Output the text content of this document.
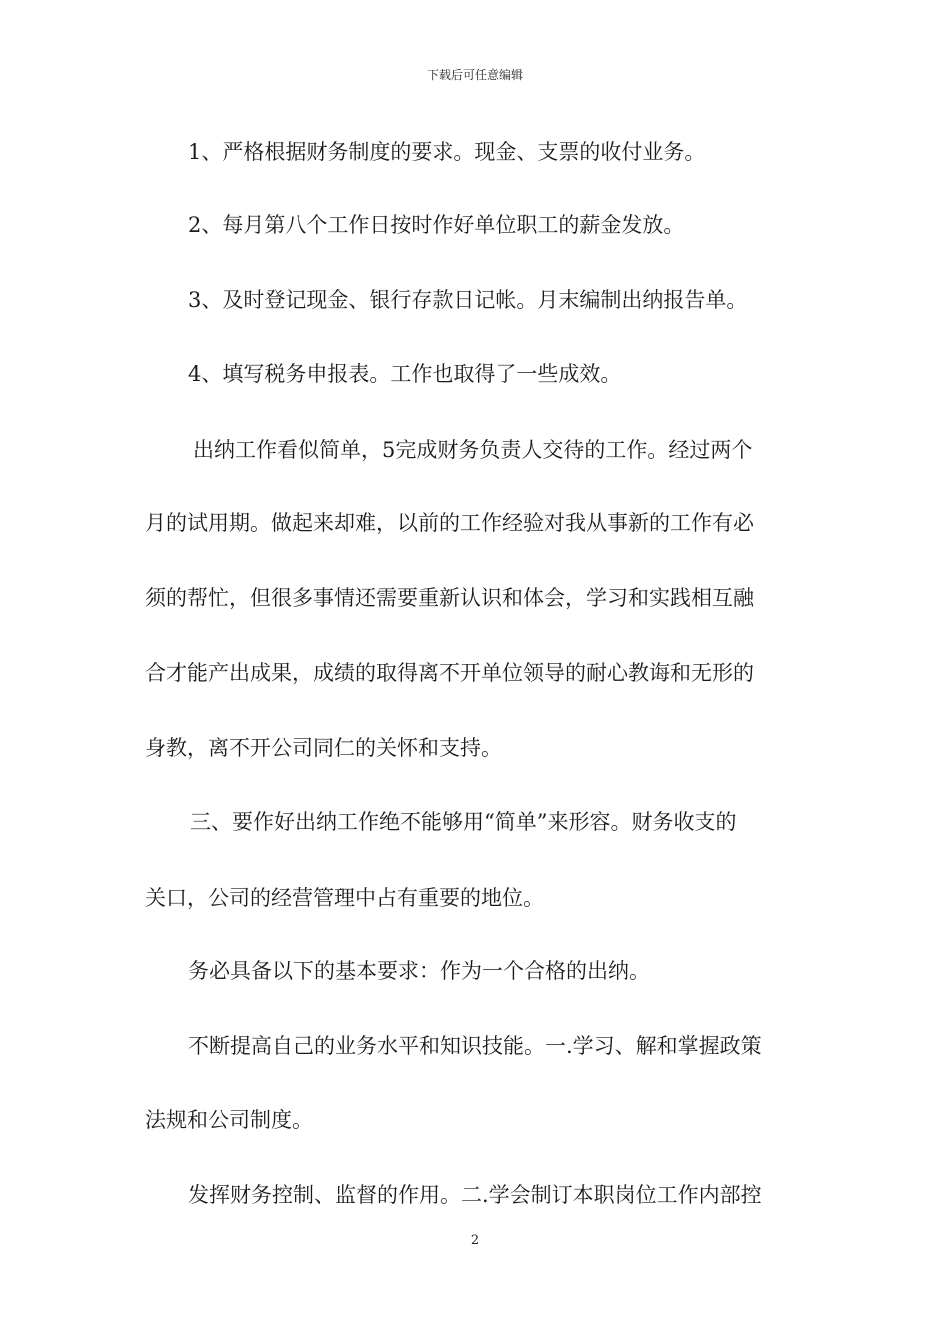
下载后可任意编辑
1、严格根据财务制度的要求。现金、支票的收付业务。
2、每月第八个工作日按时作好单位职工的薪金发放。
3、及时登记现金、银行存款日记帐。月末编制出纳报告单。
4、填写税务申报表。工作也取得了一些成效。
出纳工作看似简单，5完成财务负责人交待的工作。经过两个
月的试用期。做起来却难，以前的工作经验对我从事新的工作有必
须的帮忙，但很多事情还需要重新认识和体会，学习和实践相互融
合才能产出成果，成绩的取得离不开单位领导的耐心教诲和无形的
身教，离不开公司同仁的关怀和支持。
三、要作好出纳工作绝不能够用“简单”来形容。财务收支的
关口，公司的经营管理中占有重要的地位。
务必具备以下的基本要求：作为一个合格的出纳。
不断提高自己的业务水平和知识技能。一.学习、解和掌握政策
法规和公司制度。
发挥财务控制、监督的作用。二.学会制订本职岗位工作内部控
2
